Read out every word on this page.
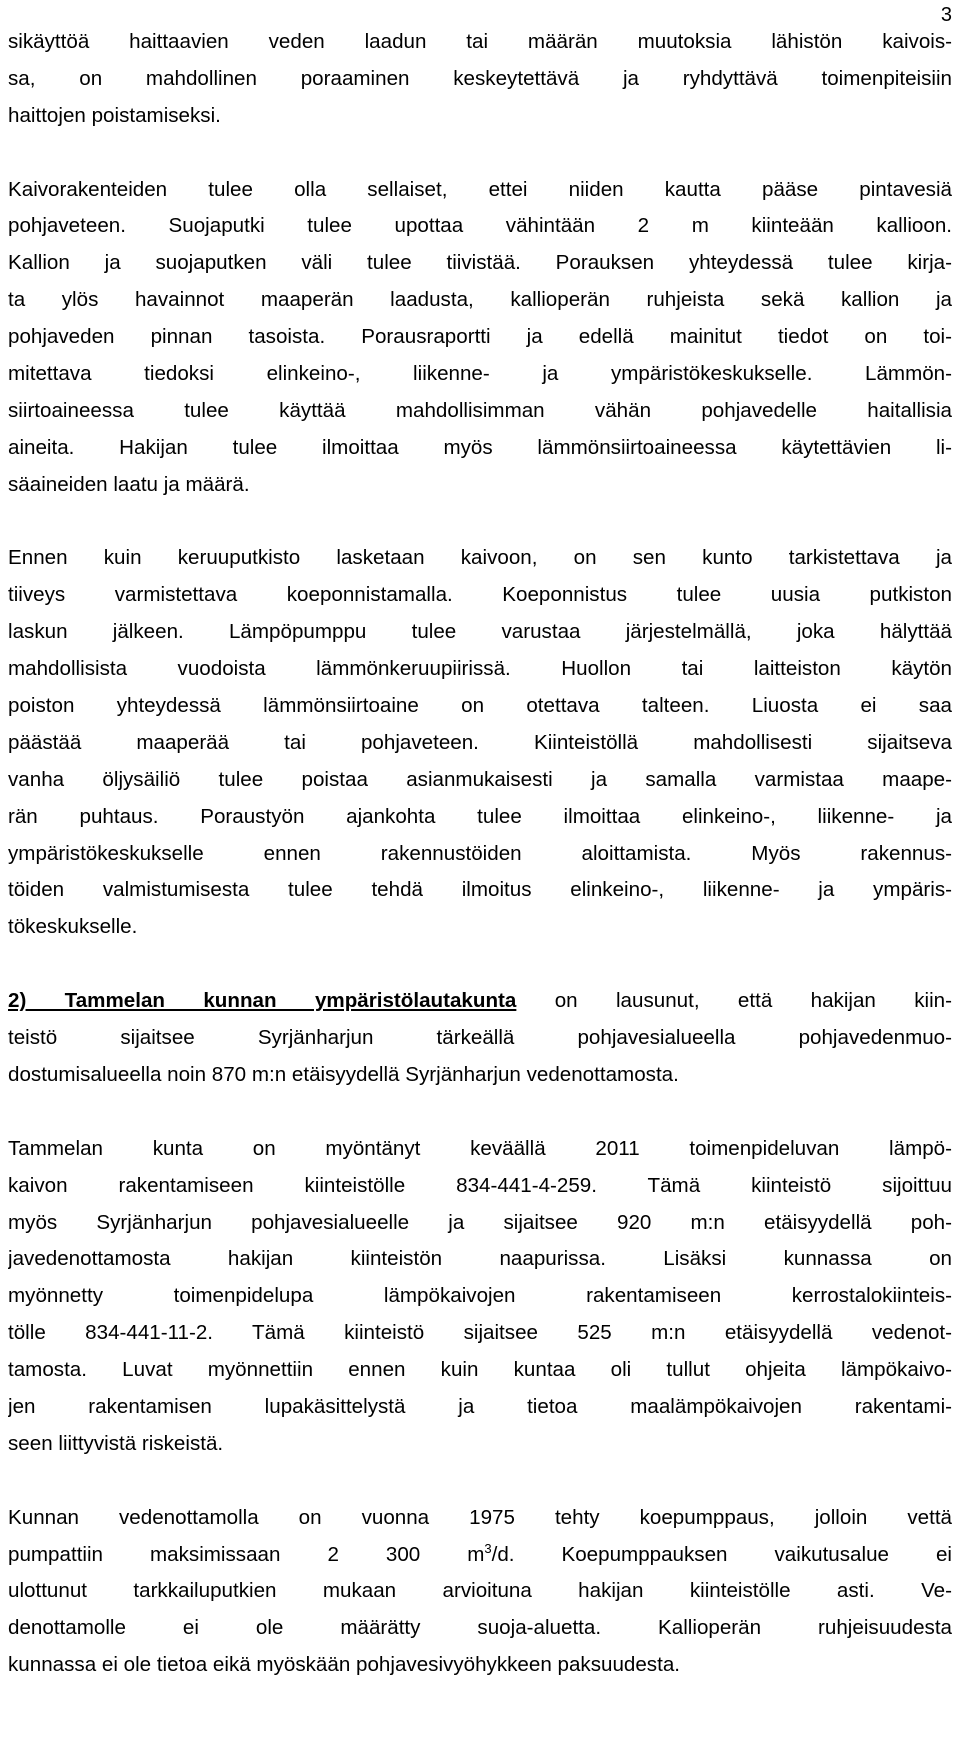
3
sikäyttöä haittaavien veden laadun tai määrän muutoksia lähistön kaivois-
sa, on mahdollinen poraaminen keskeytettävä ja ryhdyttävä toimenpiteisiin
haittojen poistamiseksi.
Kaivorakenteiden tulee olla sellaiset, ettei niiden kautta pääse pintavesiä
pohjaveteen. Suojaputki tulee upottaa vähintään 2 m kiinteään kallioon.
Kallion ja suojaputken väli tulee tiivistää. Porauksen yhteydessä tulee kirja-
ta ylös havainnot maaperän laadusta, kallioperän ruhjeista sekä kallion ja
pohjaveden pinnan tasoista. Porausraportti ja edellä mainitut tiedot on toi-
mitettava tiedoksi elinkeino-, liikenne- ja ympäristökeskukselle. Lämmön-
siirtoaineessa tulee käyttää mahdollisimman vähän pohjavedelle haitallisia
aineita. Hakijan tulee ilmoittaa myös lämmönsiirtoaineessa käytettävien li-
säaineiden laatu ja määrä.
Ennen kuin keruuputkisto lasketaan kaivoon, on sen kunto tarkistettava ja
tiiveys varmistettava koeponnistamalla. Koeponnistus tulee uusia putkiston
laskun jälkeen. Lämpöpumppu tulee varustaa järjestelmällä, joka hälyttää
mahdollisista vuodoista lämmönkeruupiirissä. Huollon tai laitteiston käytön
poiston yhteydessä lämmönsiirtoaine on otettava talteen. Liuosta ei saa
päästää maaperää tai pohjaveteen. Kiinteistöllä mahdollisesti sijaitseva
vanha öljysäiliö tulee poistaa asianmukaisesti ja samalla varmistaa maape-
rän puhtaus. Poraustyön ajankohta tulee ilmoittaa elinkeino-, liikenne- ja
ympäristökeskukselle ennen rakennustöiden aloittamista. Myös rakennus-
töiden valmistumisesta tulee tehdä ilmoitus elinkeino-, liikenne- ja ympäris-
tökeskukselle.
2) Tammelan kunnan ympäristölautakunta on lausunut, että hakijan kiin-
teistö sijaitsee Syrjänharjun tärkeällä pohjavesialueella pohjavedenmuo-
dostumisalueella noin 870 m:n etäisyydellä Syrjänharjun vedenottamosta.
Tammelan kunta on myöntänyt keväällä 2011 toimenpideluvan lämpö-
kaivon rakentamiseen kiinteistölle 834-441-4-259. Tämä kiinteistö sijoittuu
myös Syrjänharjun pohjavesialueelle ja sijaitsee 920 m:n etäisyydellä poh-
javedenottamosta hakijan kiinteistön naapurissa. Lisäksi kunnassa on
myönnetty toimenpidelupa lämpökaivojen rakentamiseen kerrostalokiinteis-
tölle 834-441-11-2. Tämä kiinteistö sijaitsee 525 m:n etäisyydellä vedenot-
tamosta. Luvat myönnettiin ennen kuin kuntaa oli tullut ohjeita lämpökaivo-
jen rakentamisen lupakäsittelystä ja tietoa maalämpökaivojen rakentami-
seen liittyvistä riskeistä.
Kunnan vedenottamolla on vuonna 1975 tehty koepumppaus, jolloin vettä
pumpattiin maksimissaan 2 300 $m^3/d$. Koepumppauksen vaikutusalue ei
ulottunut tarkkailuputkien mukaan arvioituna hakijan kiinteistölle asti. Ve-
denottamolle ei ole määrätty suoja-aluetta. Kallioperän ruhjeisuudesta
kunnassa ei ole tietoa eikä myöskään pohjavesivyöhykkeen paksuudesta.
